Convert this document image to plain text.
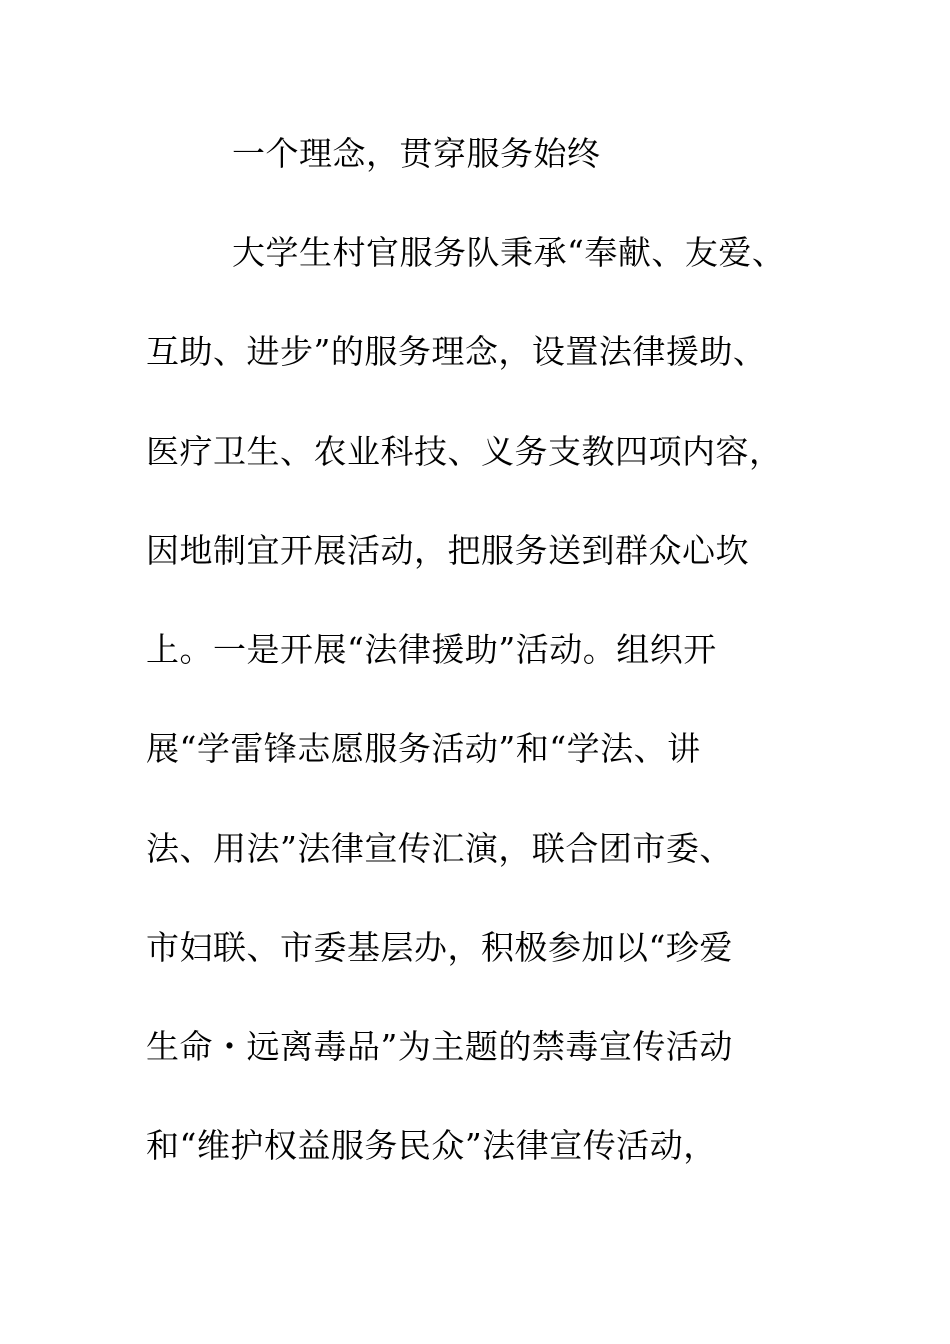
一个理念，贯穿服务始终

大学生村官服务队秉承“奉献、友爱、

互助、进步”的服务理念，设置法律援助、

医疗卫生、农业科技、义务支教四项内容，

因地制宜开展活动，把服务送到群众心坎

上。一是开展“法律援助”活动。组织开

展“学雷锋志愿服务活动”和“学法、讲

法、用法”法律宣传汇演，联合团市委、

市妇联、市委基层办，积极参加以“珍爱

生命・远离毒品”为主题的禁毒宣传活动

和“维护权益服务民众”法律宣传活动，
